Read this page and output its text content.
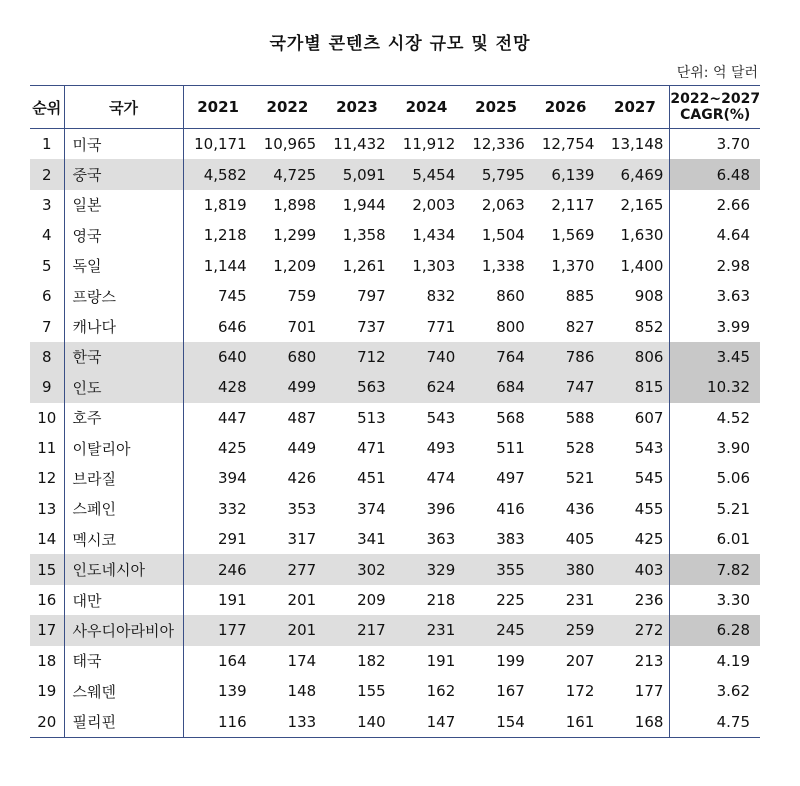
국가별 콘텐츠 시장 규모 및 전망
단위: 억 달러
순위	국가	2021	2022	2023	2024	2025	2026	2027	2022~2027
CAGR(%)

1	미국	10,171	10,965	11,432	11,912	12,336	12,754	13,148	3.70
2	중국	4,582	4,725	5,091	5,454	5,795	6,139	6,469	6.48
3	일본	1,819	1,898	1,944	2,003	2,063	2,117	2,165	2.66
4	영국	1,218	1,299	1,358	1,434	1,504	1,569	1,630	4.64
5	독일	1,144	1,209	1,261	1,303	1,338	1,370	1,400	2.98
6	프랑스	745	759	797	832	860	885	908	3.63
7	캐나다	646	701	737	771	800	827	852	3.99
8	한국	640	680	712	740	764	786	806	3.45
9	인도	428	499	563	624	684	747	815	10.32
10	호주	447	487	513	543	568	588	607	4.52
11	이탈리아	425	449	471	493	511	528	543	3.90
12	브라질	394	426	451	474	497	521	545	5.06
13	스페인	332	353	374	396	416	436	455	5.21
14	멕시코	291	317	341	363	383	405	425	6.01
15	인도네시아	246	277	302	329	355	380	403	7.82
16	대만	191	201	209	218	225	231	236	3.30
17	사우디아라비아	177	201	217	231	245	259	272	6.28
18	태국	164	174	182	191	199	207	213	4.19
19	스웨덴	139	148	155	162	167	172	177	3.62
20	필리핀	116	133	140	147	154	161	168	4.75
